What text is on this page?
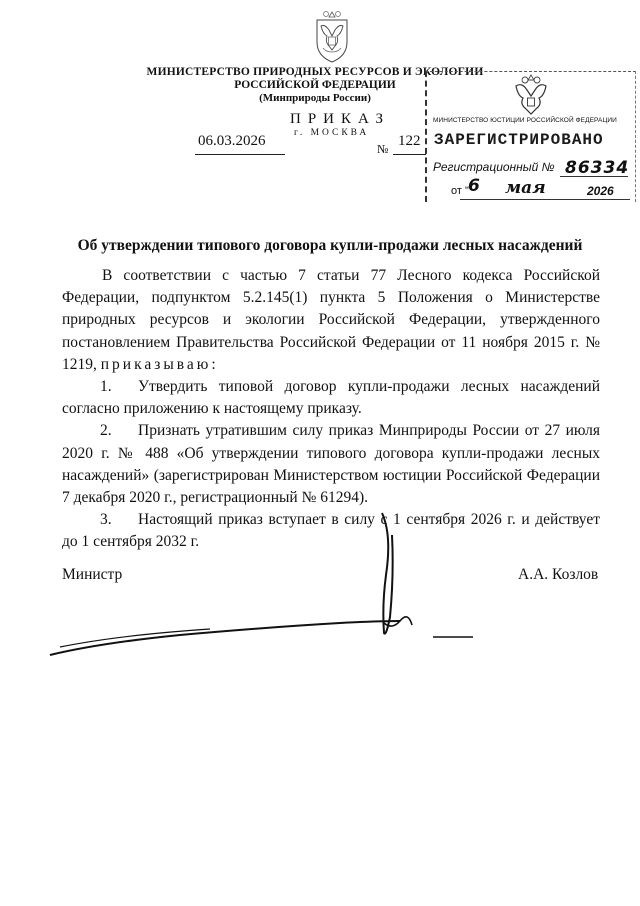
МИНИСТЕРСТВО ПРИРОДНЫХ РЕСУРСОВ И ЭКОЛОГИИ
РОССИЙСКОЙ ФЕДЕРАЦИИ
(Минприроды России)
ПРИКАЗ
06.03.2026	г. МОСКВА
№ 122
МИНИСТЕРСТВО ЮСТИЦИИ РОССИЙСКОЙ ФЕДЕРАЦИИ
ЗАРЕГИСТРИРОВАНО
Регистрационный № 86334
от " 6 мая	2026
Об утверждении типового договора купли-продажи лесных насаждений

В соответствии с частью 7 статьи 77 Лесного кодекса Российской Федерации, подпунктом 5.2.145(1) пункта 5 Положения о Министерстве природных ресурсов и экологии Российской Федерации, утвержденного постановлением Правительства Российской Федерации от 11 ноября 2015 г. № 1219, приказываю:

1. Утвердить типовой договор купли-продажи лесных насаждений согласно приложению к настоящему приказу.

2. Признать утратившим силу приказ Минприроды России от 27 июля 2020 г. № 488 «Об утверждении типового договора купли-продажи лесных насаждений» (зарегистрирован Министерством юстиции Российской Федерации 7 декабря 2020 г., регистрационный № 61294).

3. Настоящий приказ вступает в силу с 1 сентября 2026 г. и действует до 1 сентября 2032 г.

Министр	А.А. Козлов
